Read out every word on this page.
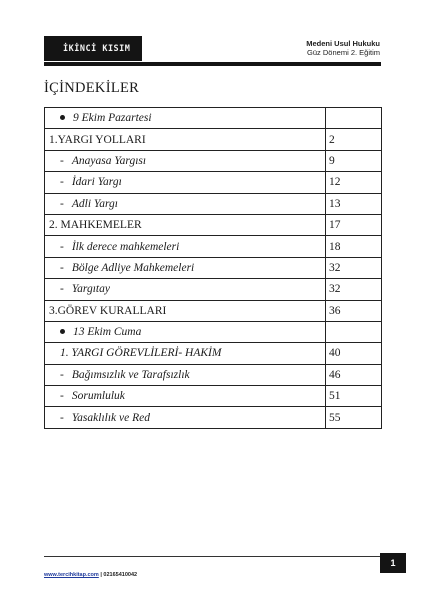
İKİNCİ KISIM	Medeni Usul Hukuku
Güz Dönemi 2. Eğitim
İÇİNDEKİLER
9 Ekim Pazartesi	
1.YARGI YOLLARI	2
- Anayasa Yargısı	9
- İdari Yargı	12
- Adli Yargı	13
2. MAHKEMELER	17
- İlk derece mahkemeleri	18
- Bölge Adliye Mahkemeleri	32
- Yargıtay	32
3.GÖREV KURALLARI	36
13 Ekim Cuma	
1. YARGI GÖREVLİLERİ- HAKİM	40
- Bağımsızlık ve Tarafsızlık	46
- Sorumluluk	51
- Yasaklılık ve Red	55
www.tercihkitap.com | 02165410042
1
